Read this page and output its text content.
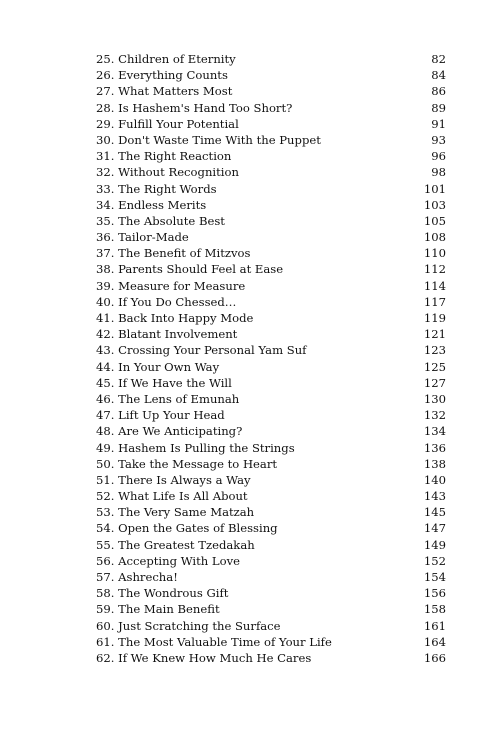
25. Children of Eternity	82
26. Everything Counts	84
27. What Matters Most	86
28. Is Hashem's Hand Too Short?	89
29. Fulfill Your Potential	91
30. Don't Waste Time With the Puppet	93
31. The Right Reaction	96
32. Without Recognition	98
33. The Right Words	101
34. Endless Merits	103
35. The Absolute Best	105
36. Tailor-Made	108
37. The Benefit of Mitzvos	110
38. Parents Should Feel at Ease	112
39. Measure for Measure	114
40. If You Do Chessed…	117
41. Back Into Happy Mode	119
42. Blatant Involvement	121
43. Crossing Your Personal Yam Suf	123
44. In Your Own Way	125
45. If We Have the Will	127
46. The Lens of Emunah	130
47. Lift Up Your Head	132
48. Are We Anticipating?	134
49. Hashem Is Pulling the Strings	136
50. Take the Message to Heart	138
51. There Is Always a Way	140
52. What Life Is All About	143
53. The Very Same Matzah	145
54. Open the Gates of Blessing	147
55. The Greatest Tzedakah	149
56. Accepting With Love	152
57. Ashrecha!	154
58. The Wondrous Gift	156
59. The Main Benefit	158
60. Just Scratching the Surface	161
61. The Most Valuable Time of Your Life	164
62. If We Knew How Much He Cares	166
